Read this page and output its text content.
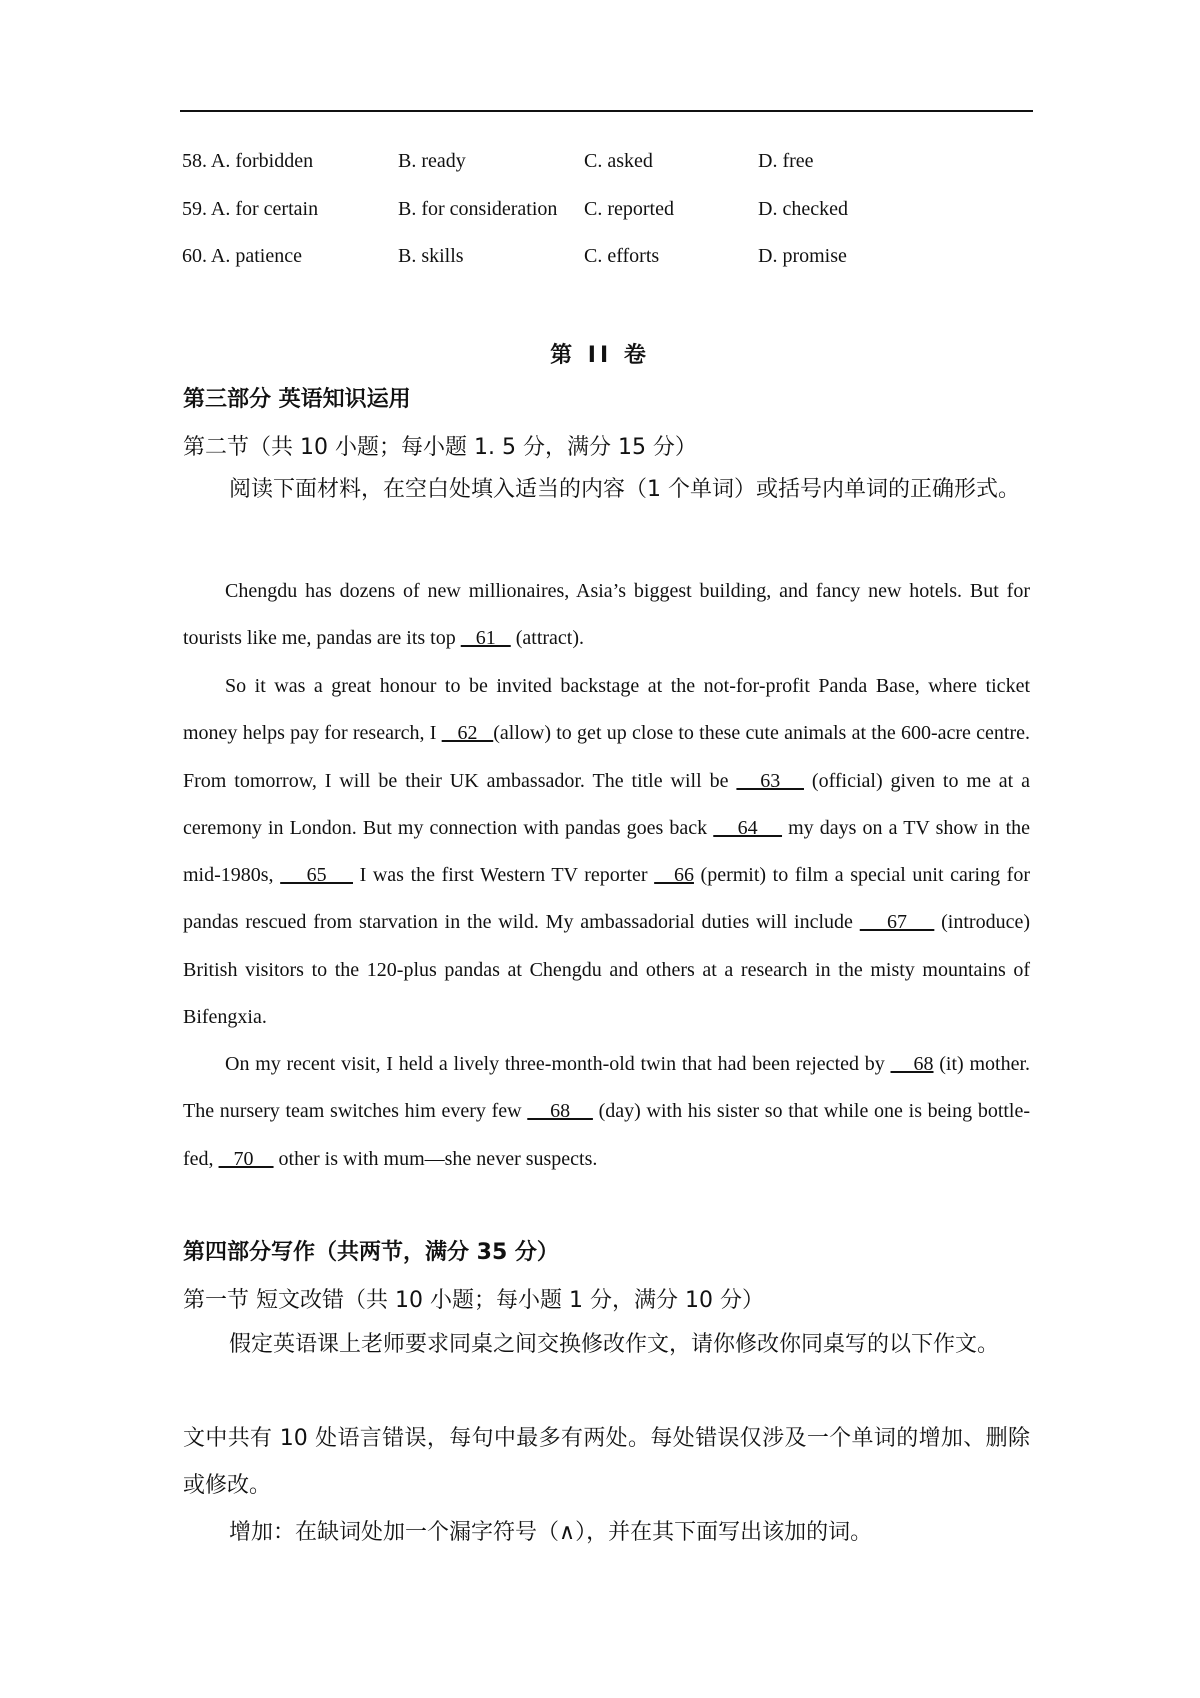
58. A. forbidden	B. ready	C. asked	D. free
59. A. for certain	B. for consideration C. reported	D. checked
60. A. patience	B. skills	C. efforts	D. promise
第 II 卷
第三部分 英语知识运用
第二节（共 10 小题；每小题 1. 5 分，满分 15 分）
阅读下面材料，在空白处填入适当的内容（1 个单词）或括号内单词的正确形式。
Chengdu has dozens of new millionaires, Asia’s biggest building, and fancy new hotels. But for tourists like me, pandas are its top    61    (attract).
So it was a great honour to be invited backstage at the not-for-profit Panda Base, where ticket money helps pay for research, I    62   (allow) to get up close to these cute animals at the 600-acre centre. From tomorrow, I will be their UK ambassador. The title will be    63    (official) given to me at a ceremony in London. But my connection with pandas goes back     64     my days on a TV show in the mid-1980s,     65     I was the first Western TV reporter    66 (permit) to film a special unit caring for pandas rescued from starvation in the wild. My ambassadorial duties will include     67     (introduce) British visitors to the 120-plus pandas at Chengdu and others at a research in the misty mountains of Bifengxia.
On my recent visit, I held a lively three-month-old twin that had been rejected by     68 (it) mother. The nursery team switches him every few     68     (day) with his sister so that while one is being bottle-fed,    70     other is with mum—she never suspects.
第四部分写作（共两节，满分 35 分）
第一节 短文改错（共 10 小题；每小题 1 分，满分 10 分）
假定英语课上老师要求同桌之间交换修改作文，请你修改你同桌写的以下作文。
文中共有 10 处语言错误，每句中最多有两处。每处错误仅涉及一个单词的增加、删除或修改。
增加：在缺词处加一个漏字符号（∧），并在其下面写出该加的词。
